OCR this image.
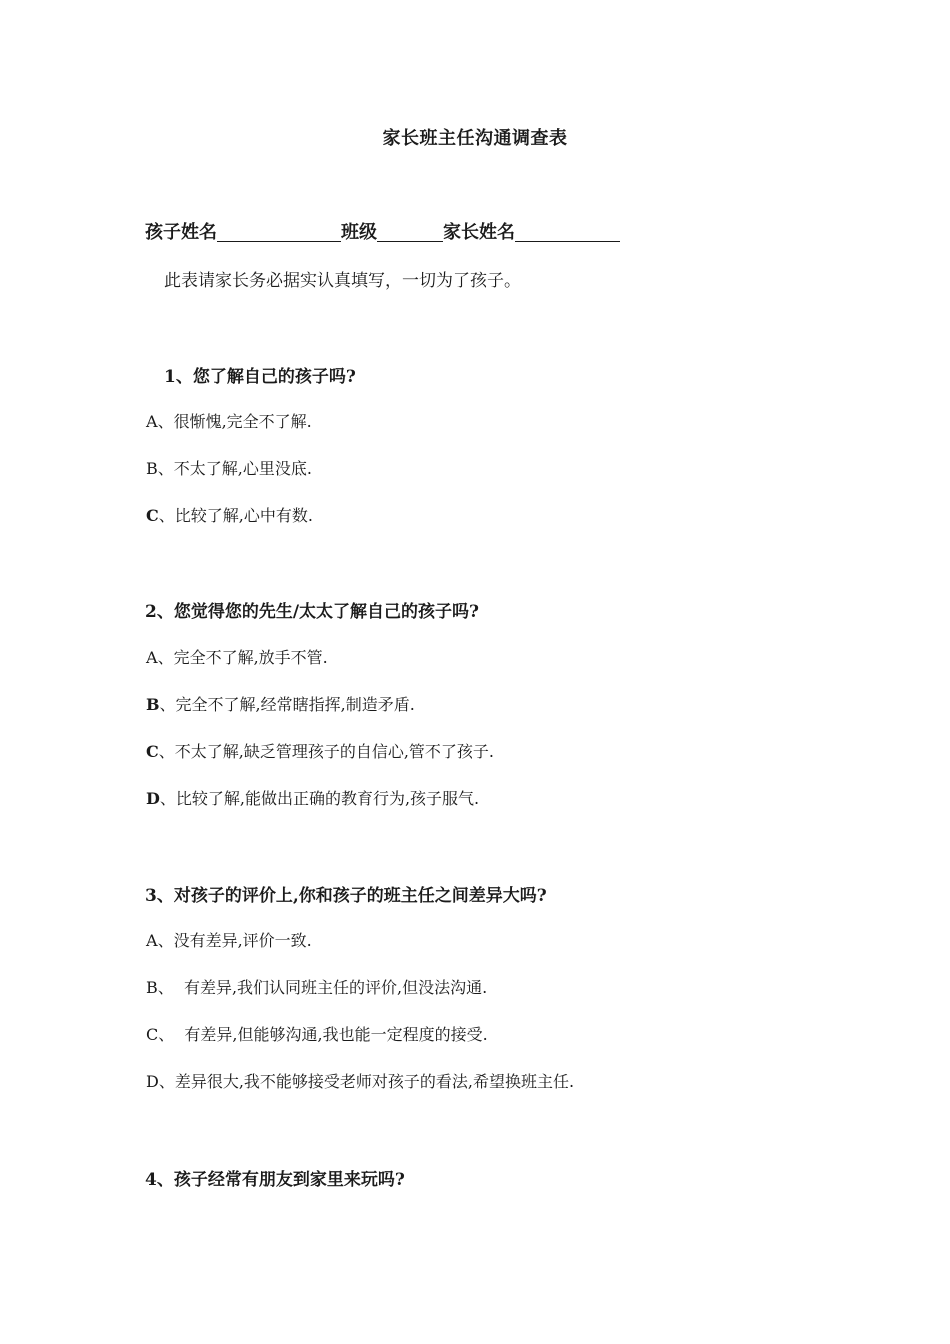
家长班主任沟通调查表
孩子姓名	班级	家长姓名
此表请家长务必据实认真填写，一切为了孩子。
1、您了解自己的孩子吗?
A、很惭愧,完全不了解.
B、不太了解,心里没底.
C、比较了解,心中有数.
2、您觉得您的先生/太太了解自己的孩子吗?
A、完全不了解,放手不管.
B、完全不了解,经常瞎指挥,制造矛盾.
C、不太了解,缺乏管理孩子的自信心,管不了孩子.
D、比较了解,能做出正确的教育行为,孩子服气.
3、对孩子的评价上,你和孩子的班主任之间差异大吗?
A、没有差异,评价一致.
B、  有差异,我们认同班主任的评价,但没法沟通.
C、  有差异,但能够沟通,我也能一定程度的接受.
D、差异很大,我不能够接受老师对孩子的看法,希望换班主任.
4、孩子经常有朋友到家里来玩吗?
